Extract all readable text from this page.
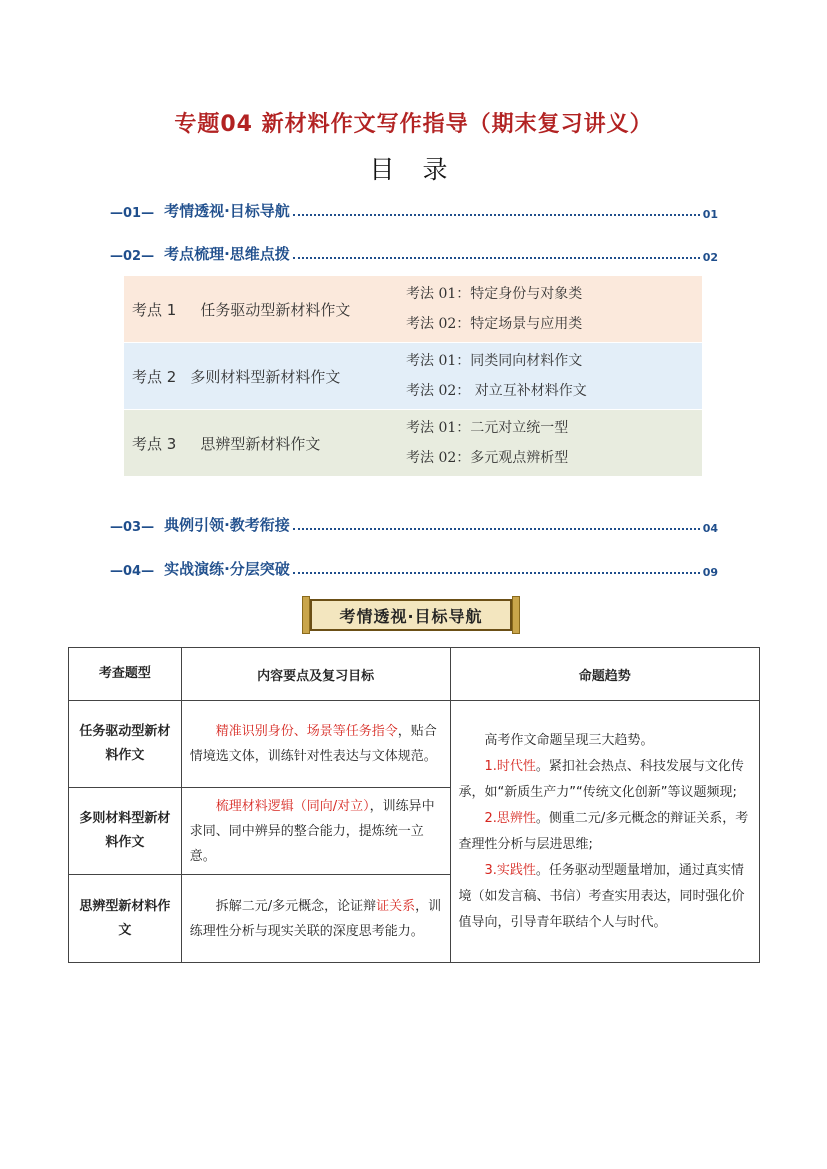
专题04 新材料作文写作指导（期末复习讲义）
目 录
—01— 考情透视·目标导航	01
—02— 考点梳理·思维点拨	02
考点 1 任务驱动型新材料作文
考法 01：特定身份与对象类
考法 02：特定场景与应用类
考点 2 多则材料型新材料作文
考法 01：同类同向材料作文
考法 02： 对立互补材料作文
考点 3 思辨型新材料作文
考法 01：二元对立统一型
考法 02：多元观点辨析型
—03— 典例引领·教考衔接	04
—04— 实战演练·分层突破	09
考情透视·目标导航
考查题型	内容要点及复习目标	命题趋势
任务驱动型新材料作文	精准识别身份、场景等任务指令，贴合情境选文体，训练针对性表达与文体规范。	高考作文命题呈现三大趋势。

1.时代性。紧扣社会热点、科技发展与文化传承，如“新质生产力”“传统文化创新”等议题频现;

2.思辨性。侧重二元/多元概念的辩证关系，考查理性分析与层进思维;

3.实践性。任务驱动型题量增加，通过真实情境（如发言稿、书信）考查实用表达，同时强化价值导向，引导青年联结个人与时代。

多则材料型新材料作文	梳理材料逻辑（同向/对立），训练异中求同、同中辨异的整合能力，提炼统一立意。	
思辨型新材料作文	拆解二元/多元概念，论证辩证关系，训练理性分析与现实关联的深度思考能力。	
